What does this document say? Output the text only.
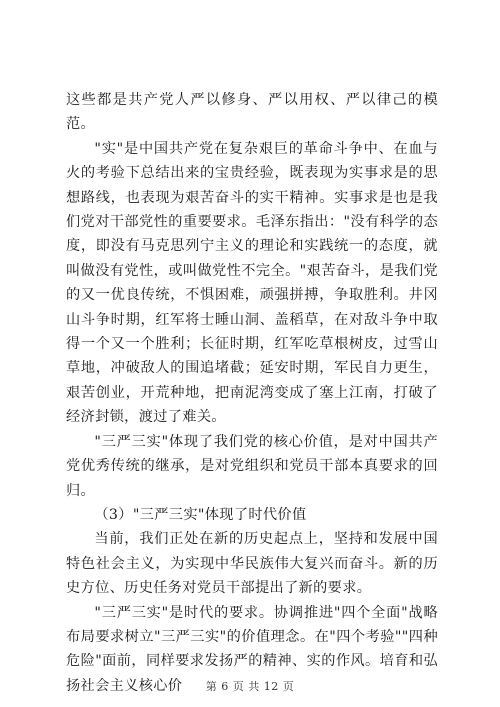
这些都是共产党人严以修身、严以用权、严以律己的模范。

"实"是中国共产党在复杂艰巨的革命斗争中、在血与火的考验下总结出来的宝贵经验，既表现为实事求是的思想路线，也表现为艰苦奋斗的实干精神。实事求是也是我们党对干部党性的重要要求。毛泽东指出："没有科学的态度，即没有马克思列宁主义的理论和实践统一的态度，就叫做没有党性，或叫做党性不完全。"艰苦奋斗，是我们党的又一优良传统，不惧困难，顽强拼搏，争取胜利。井冈山斗争时期，红军将士睡山洞、盖稻草，在对敌斗争中取得一个又一个胜利；长征时期，红军吃草根树皮，过雪山草地，冲破敌人的围追堵截；延安时期，军民自力更生，艰苦创业，开荒种地，把南泥湾变成了塞上江南，打破了经济封锁，渡过了难关。

"三严三实"体现了我们党的核心价值，是对中国共产党优秀传统的继承，是对党组织和党员干部本真要求的回归。

（3）"三严三实"体现了时代价值

当前，我们正处在新的历史起点上，坚持和发展中国特色社会主义，为实现中华民族伟大复兴而奋斗。新的历史方位、历史任务对党员干部提出了新的要求。

"三严三实"是时代的要求。协调推进"四个全面"战略布局要求树立"三严三实"的价值理念。在"四个考验""四种危险"面前，同样要求发扬严的精神、实的作风。培育和弘扬社会主义核心价	第 6 页 共 12 页
